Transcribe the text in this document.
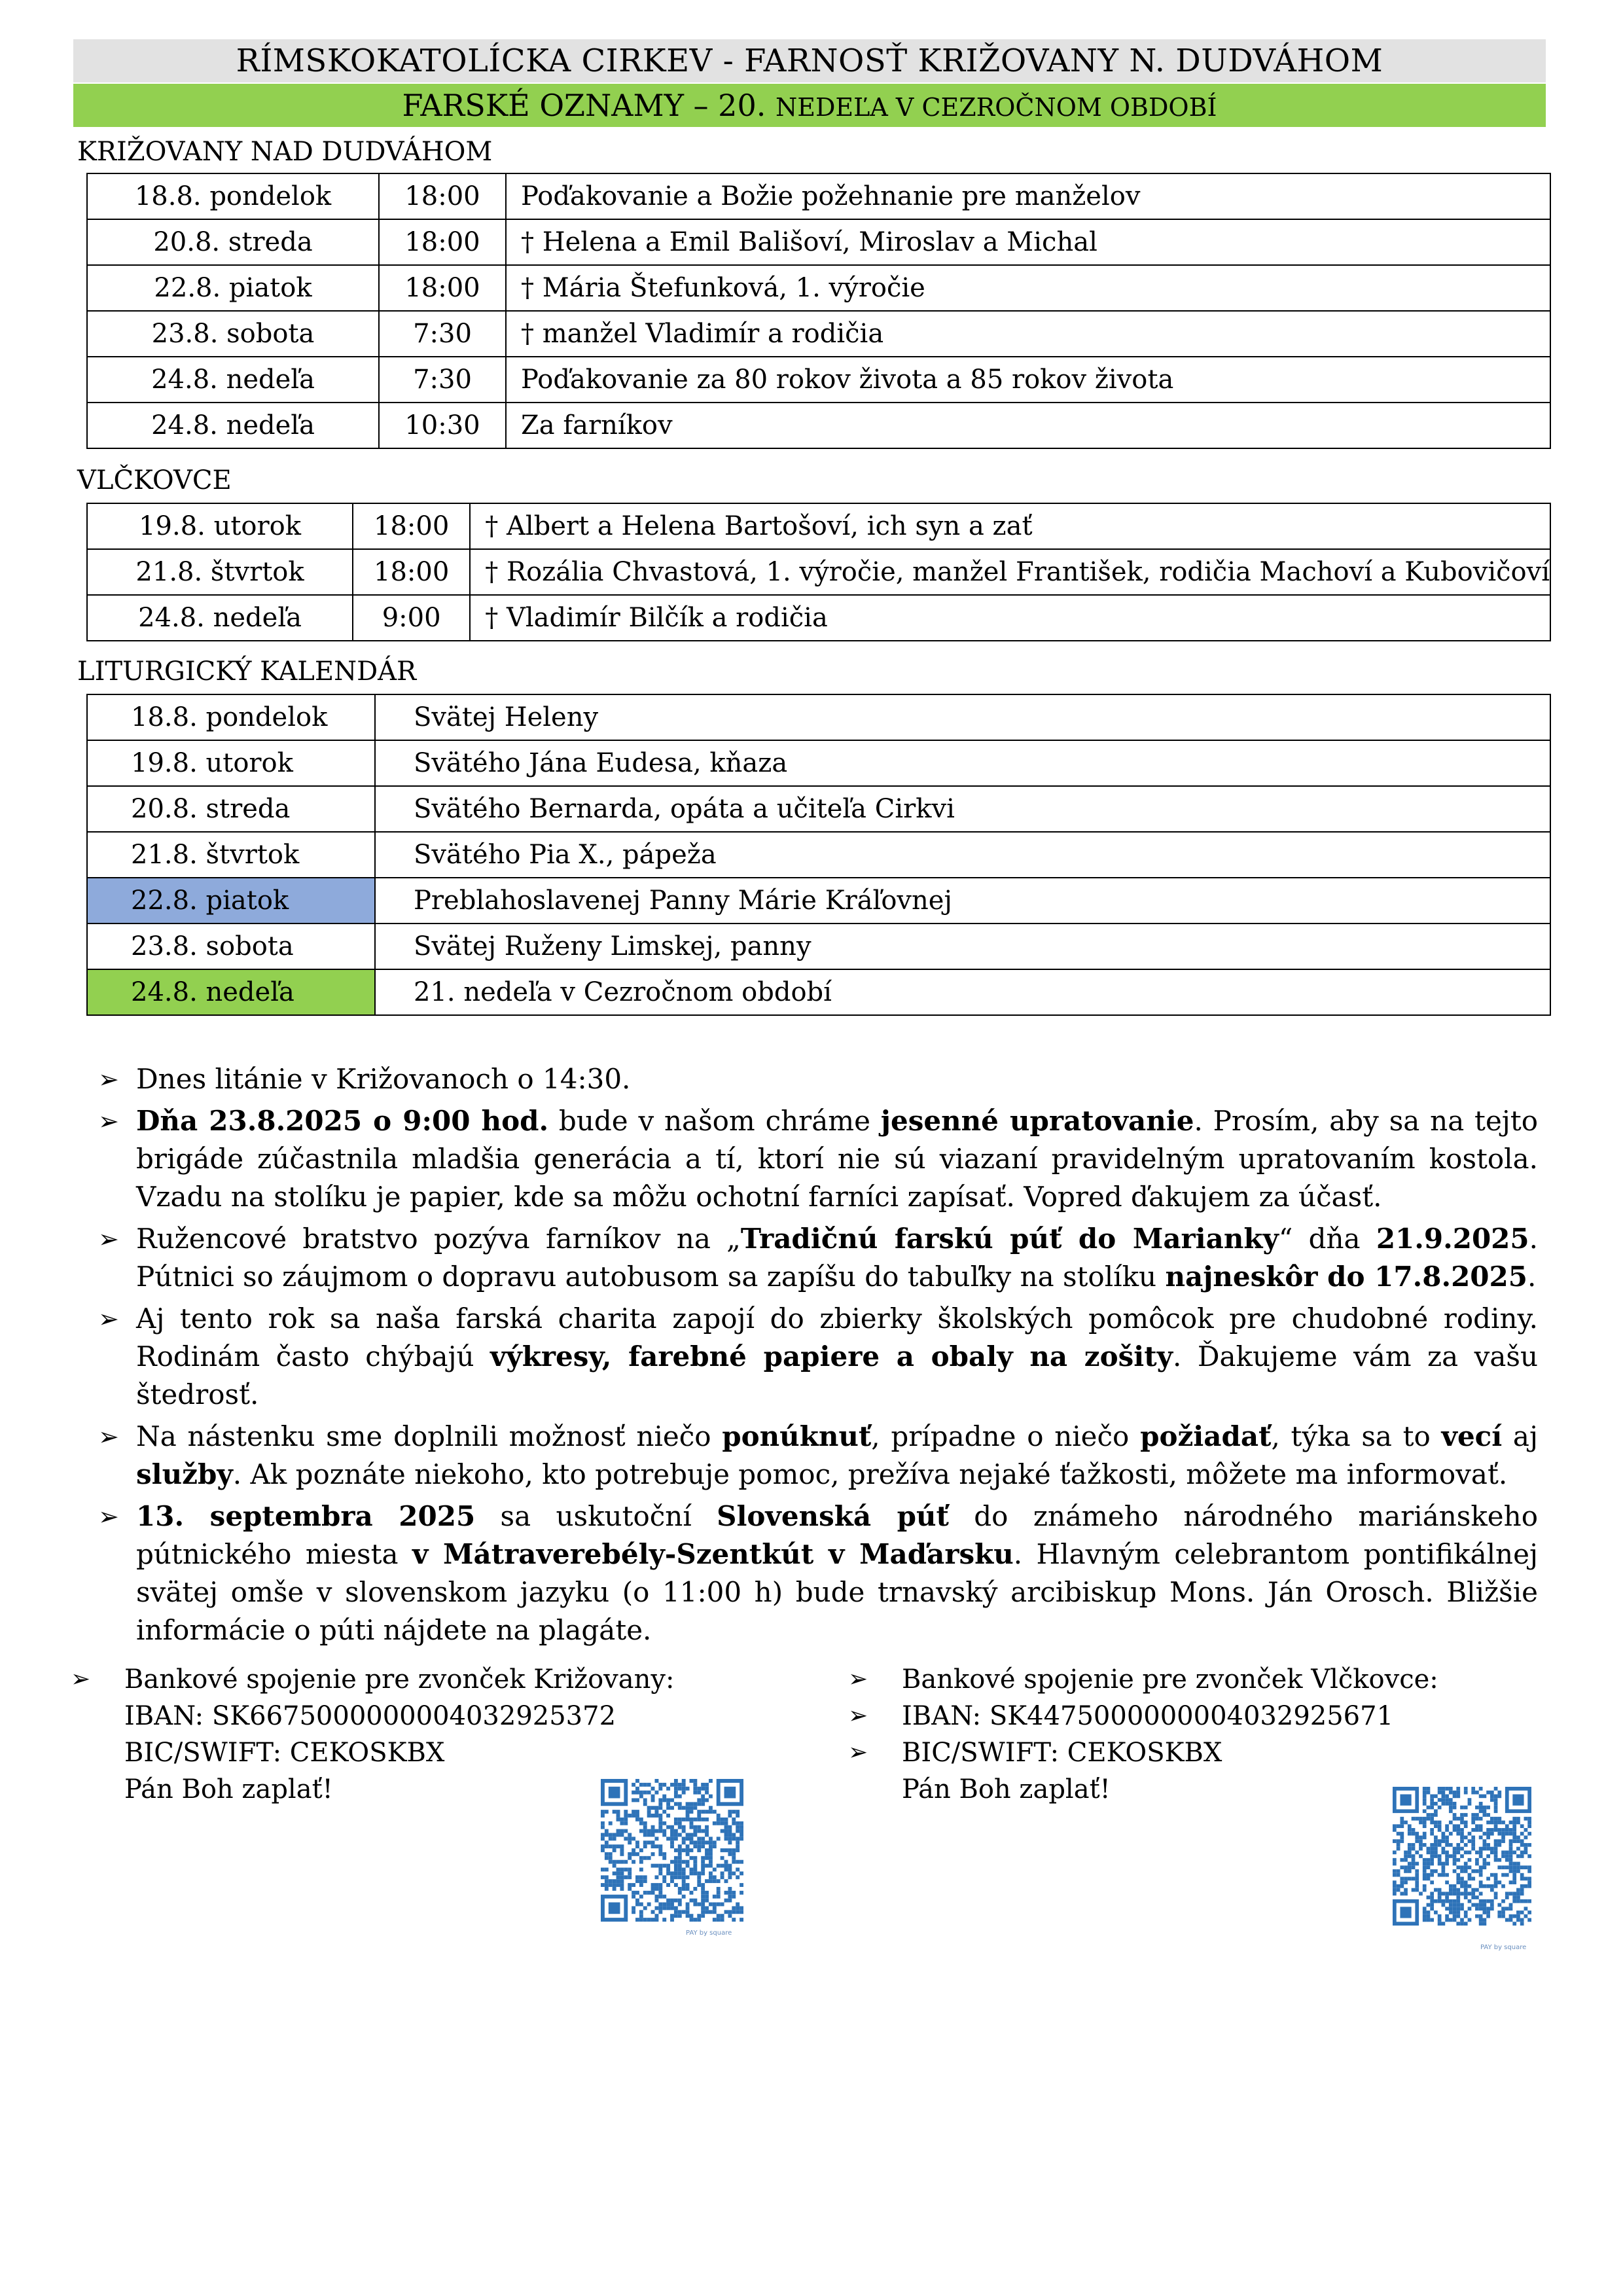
RÍMSKOKATOLÍCKA CIRKEV - FARNOSŤ KRIŽOVANY N. DUDVÁHOM
FARSKÉ OZNAMY – 20. NEDEĽA V CEZROČNOM OBDOBÍ
KRIŽOVANY NAD DUDVÁHOM
18.8. pondelok	18:00	Poďakovanie a Božie požehnanie pre manželov
20.8. streda	18:00	† Helena a Emil Bališoví, Miroslav a Michal
22.8. piatok	18:00	† Mária Štefunková, 1. výročie
23.8. sobota	7:30	† manžel Vladimír a rodičia
24.8. nedeľa	7:30	Poďakovanie za 80 rokov života a 85 rokov života
24.8. nedeľa	10:30	Za farníkov
VLČKOVCE
19.8. utorok	18:00	† Albert a Helena Bartošoví, ich syn a zať
21.8. štvrtok	18:00	† Rozália Chvastová, 1. výročie, manžel František, rodičia Machoví a Kubovičoví
24.8. nedeľa	9:00	† Vladimír Bilčík a rodičia
LITURGICKÝ KALENDÁR
18.8. pondelok	Svätej Heleny
19.8. utorok	Svätého Jána Eudesa, kňaza
20.8. streda	Svätého Bernarda, opáta a učiteľa Cirkvi
21.8. štvrtok	Svätého Pia X., pápeža
22.8. piatok	Preblahoslavenej Panny Márie Kráľovnej
23.8. sobota	Svätej Ruženy Limskej, panny
24.8. nedeľa	21. nedeľa v Cezročnom období
➢ Dnes litánie v Križovanoch o 14:30.
➢ Dňa 23.8.2025 o 9:00 hod. bude v našom chráme jesenné upratovanie. Prosím, aby sa na tejto brigáde zúčastnila mladšia generácia a tí, ktorí nie sú viazaní pravidelným upratovaním kostola. Vzadu na stolíku je papier, kde sa môžu ochotní farníci zapísať. Vopred ďakujem za účasť.
➢ Ružencové bratstvo pozýva farníkov na „Tradičnú farskú púť do Marianky“ dňa 21.9.2025. Pútnici so záujmom o dopravu autobusom sa zapíšu do tabuľky na stolíku najneskôr do 17.8.2025.
➢ Aj tento rok sa naša farská charita zapojí do zbierky školských pomôcok pre chudobné rodiny. Rodinám často chýbajú výkresy, farebné papiere a obaly na zošity. Ďakujeme vám za vašu štedrosť.
➢ Na nástenku sme doplnili možnosť niečo ponúknuť, prípadne o niečo požiadať, týka sa to vecí aj služby. Ak poznáte niekoho, kto potrebuje pomoc, prežíva nejaké ťažkosti, môžete ma informovať.
➢ 13. septembra 2025 sa uskutoční Slovenská púť do známeho národného mariánskeho pútnického miesta v Mátraverebély-Szentkút v Maďarsku. Hlavným celebrantom pontifikálnej svätej omše v slovenskom jazyku (o 11:00 h) bude trnavský arcibiskup Mons. Ján Orosch. Bližšie informácie o púti nájdete na plagáte.
➢ Bankové spojenie pre zvonček Križovany:
IBAN: SK6675000000004032925372
BIC/SWIFT: CEKOSKBX
Pán Boh zaplať!
PAY by square
➢ Bankové spojenie pre zvonček Vlčkovce:
➢ IBAN: SK4475000000004032925671
➢ BIC/SWIFT: CEKOSKBX
Pán Boh zaplať!
PAY by square
